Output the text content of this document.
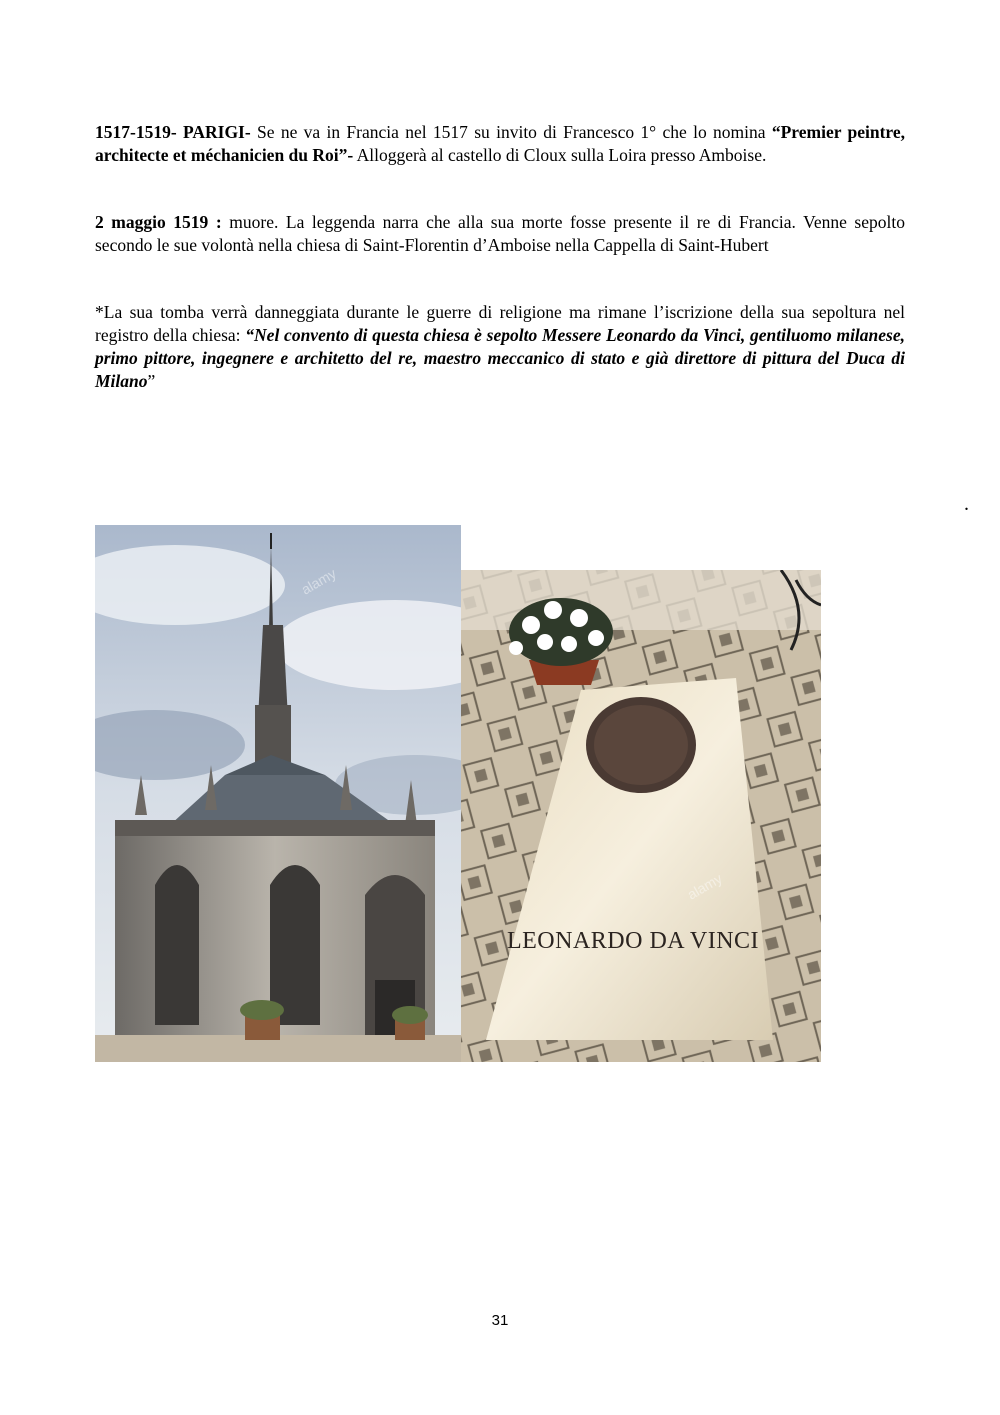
1517-1519- PARIGI- Se ne va in Francia nel 1517 su invito di Francesco 1° che lo nomina “Premier peintre, architecte et méchanicien du Roi”- Alloggerà al castello di Cloux sulla Loira presso Amboise.
2 maggio 1519 : muore. La leggenda narra che alla sua morte fosse presente il re di Francia. Venne sepolto secondo le sue volontà nella chiesa di Saint-Florentin d’Amboise nella Cappella di Saint-Hubert
*La sua tomba verrà danneggiata durante le guerre di religione ma rimane l’iscrizione della sua sepoltura nel registro della chiesa: “Nel convento di questa chiesa è sepolto Messere Leonardo da Vinci, gentiluomo milanese, primo pittore, ingegnere e architetto del re, maestro meccanico di stato e già direttore di pittura del Duca di Milano”
.
alamy
LEONARDO DA VINCI
alamy
31
